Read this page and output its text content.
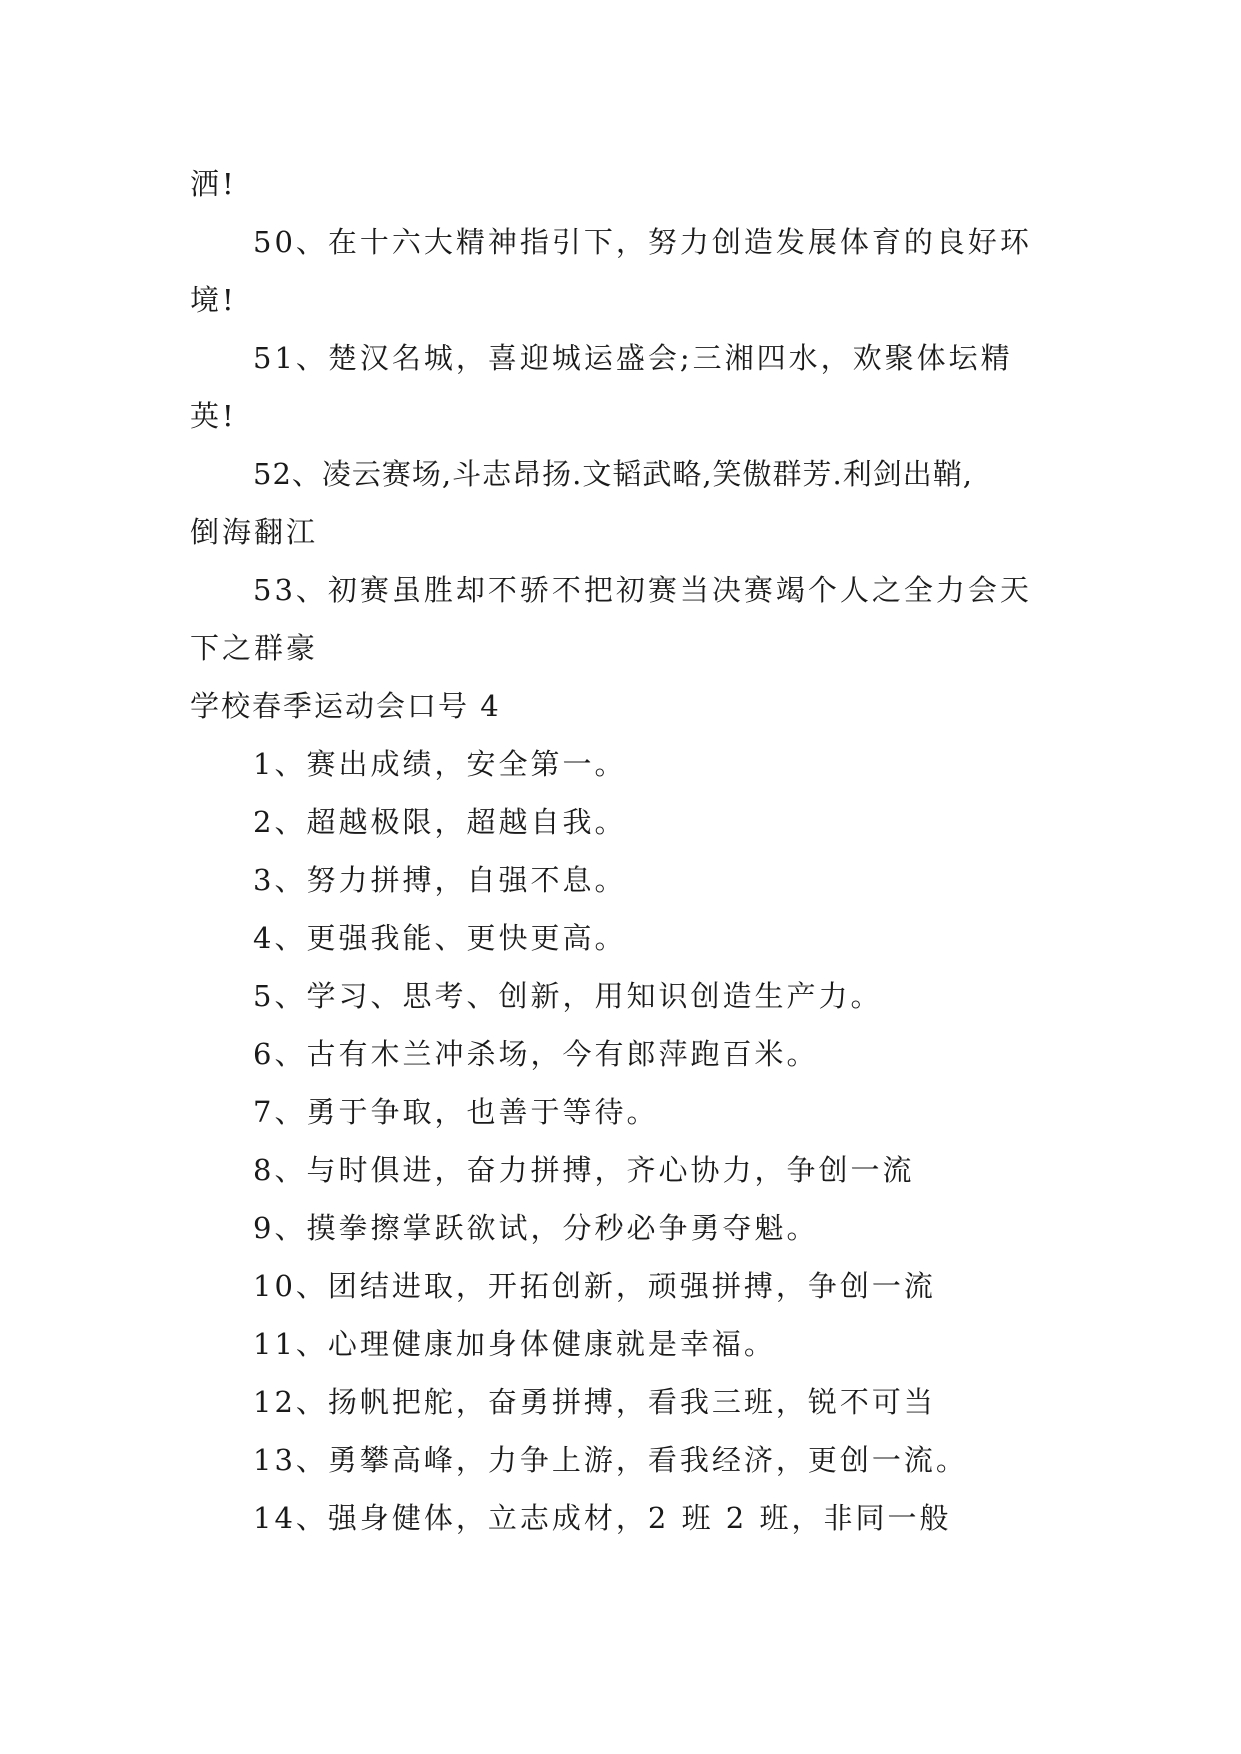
洒!
50、在十六大精神指引下，努力创造发展体育的良好环
境!
51、楚汉名城，喜迎城运盛会;三湘四水，欢聚体坛精
英!
52、凌云赛场,斗志昂扬.文韬武略,笑傲群芳.利剑出鞘,
倒海翻江
53、初赛虽胜却不骄不把初赛当决赛竭个人之全力会天
下之群豪
学校春季运动会口号 4
1、赛出成绩，安全第一。
2、超越极限，超越自我。
3、努力拼搏，自强不息。
4、更强我能、更快更高。
5、学习、思考、创新，用知识创造生产力。
6、古有木兰冲杀场，今有郎萍跑百米。
7、勇于争取，也善于等待。
8、与时俱进，奋力拼搏，齐心协力，争创一流
9、摸拳擦掌跃欲试，分秒必争勇夺魁。
10、团结进取，开拓创新，顽强拼搏，争创一流
11、心理健康加身体健康就是幸福。
12、扬帆把舵，奋勇拼搏，看我三班，锐不可当
13、勇攀高峰，力争上游，看我经济，更创一流。
14、强身健体，立志成材，2 班 2 班，非同一般
